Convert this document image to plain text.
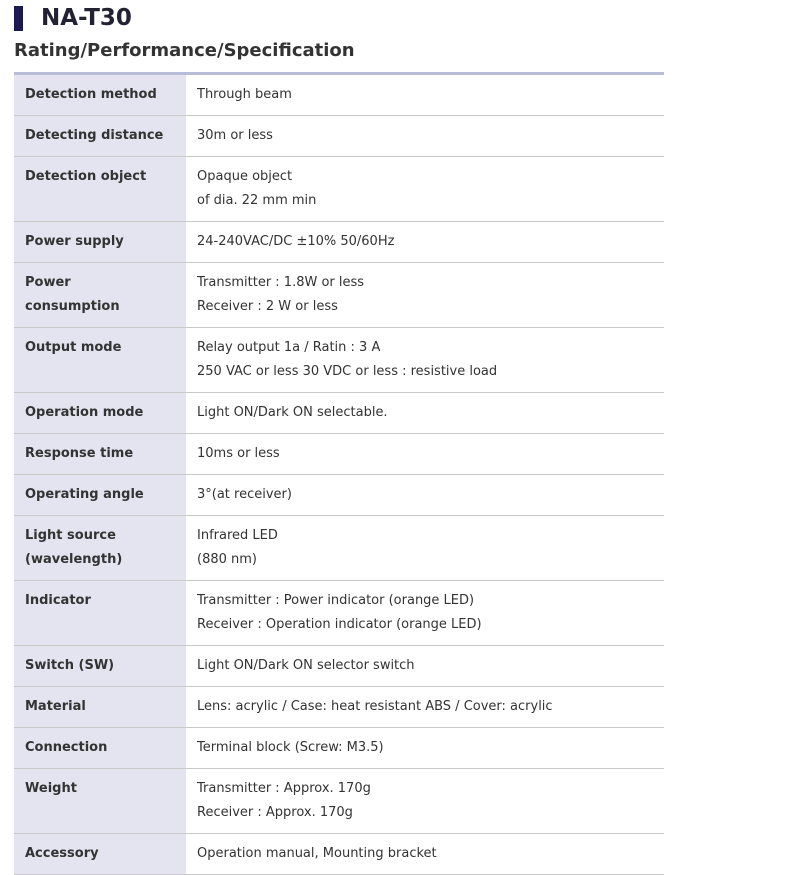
NA-T30
Rating/Performance/Specification
Detection method	Through beam

Detecting distance	30m or less

Detection object	Opaque object
of dia. 22 mm min

Power supply	24-240VAC/DC ±10% 50/60Hz

Power
consumption	Transmitter : 1.8W or less
Receiver : 2 W or less

Output mode	Relay output 1a / Ratin : 3 A
250 VAC or less 30 VDC or less : resistive load

Operation mode	Light ON/Dark ON selectable.

Response time	10ms or less

Operating angle	3°(at receiver)

Light source
(wavelength)	Infrared LED
(880 nm)

Indicator	Transmitter : Power indicator (orange LED)
Receiver : Operation indicator (orange LED)

Switch (SW)	Light ON/Dark ON selector switch

Material	Lens: acrylic / Case: heat resistant ABS / Cover: acrylic

Connection	Terminal block (Screw: M3.5)

Weight	Transmitter : Approx. 170g
Receiver : Approx. 170g

Accessory	Operation manual, Mounting bracket
